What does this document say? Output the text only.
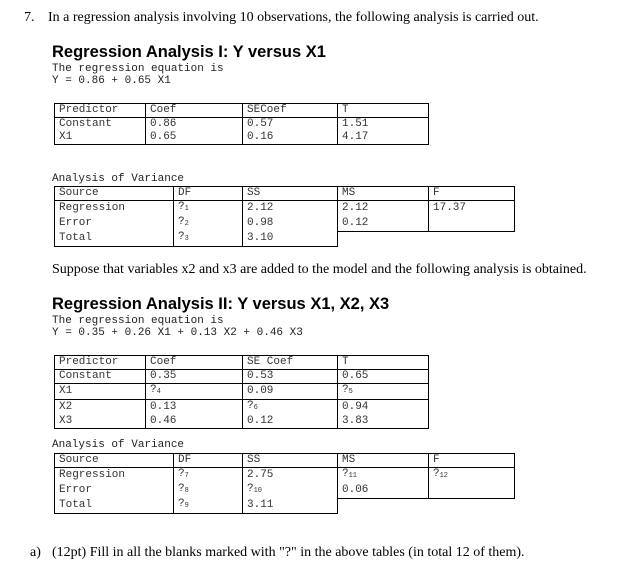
7. In a regression analysis involving 10 observations, the following analysis is carried out.
Regression Analysis I: Y versus X1
The regression equation is
Y = 0.86 + 0.65 X1
Predictor	Coef	SECoef	T
Constant	0.86	0.57	1.51
X1	0.65	0.16	4.17
Analysis of Variance
Source	DF	SS	MS	F
Regression	$?_1$	2.12	2.12	17.37
Error	$?_2$	0.98	0.12	
Total	$?_3$	3.10		
Suppose that variables x2 and x3 are added to the model and the following analysis is obtained.
Regression Analysis II: Y versus X1, X2, X3
The regression equation is
Y = 0.35 + 0.26 X1 + 0.13 X2 + 0.46 X3
Predictor	Coef	SE Coef	T
Constant	0.35	0.53	0.65
X1	$?_4$	0.09	$?_5$
X2	0.13	$?_6$	0.94
X3	0.46	0.12	3.83
Analysis of Variance
Source	DF	SS	MS	F
Regression	$?_7$	2.75	$?_{11}$	$?_{12}$
Error	$?_8$	$?_{10}$	0.06	
Total	$?_9$	3.11		
a) (12pt) Fill in all the blanks marked with "?" in the above tables (in total 12 of them).
